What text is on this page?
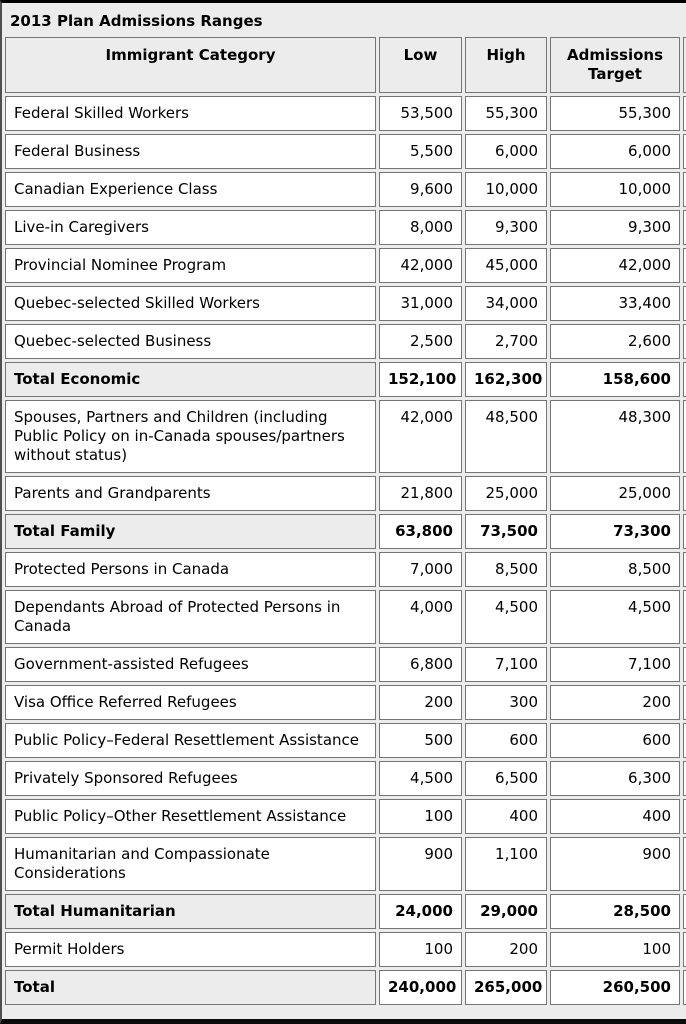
2013 Plan Admissions Ranges
Immigrant Category	Low	High	Admissions Target	
Federal Skilled Workers	53,500	55,300	55,300	
Federal Business	5,500	6,000	6,000	
Canadian Experience Class	9,600	10,000	10,000	
Live-in Caregivers	8,000	9,300	9,300	
Provincial Nominee Program	42,000	45,000	42,000	
Quebec-selected Skilled Workers	31,000	34,000	33,400	
Quebec-selected Business	2,500	2,700	2,600	
Total Economic	152,100	162,300	158,600	
Spouses, Partners and Children (including Public Policy on in-Canada spouses/partners without status)	42,000	48,500	48,300	
Parents and Grandparents	21,800	25,000	25,000	
Total Family	63,800	73,500	73,300	
Protected Persons in Canada	7,000	8,500	8,500	
Dependants Abroad of Protected Persons in Canada	4,000	4,500	4,500	
Government-assisted Refugees	6,800	7,100	7,100	
Visa Office Referred Refugees	200	300	200	
Public Policy–Federal Resettlement Assistance	500	600	600	
Privately Sponsored Refugees	4,500	6,500	6,300	
Public Policy–Other Resettlement Assistance	100	400	400	
Humanitarian and Compassionate Considerations	900	1,100	900	
Total Humanitarian	24,000	29,000	28,500	
Permit Holders	100	200	100	
Total	240,000	265,000	260,500	
